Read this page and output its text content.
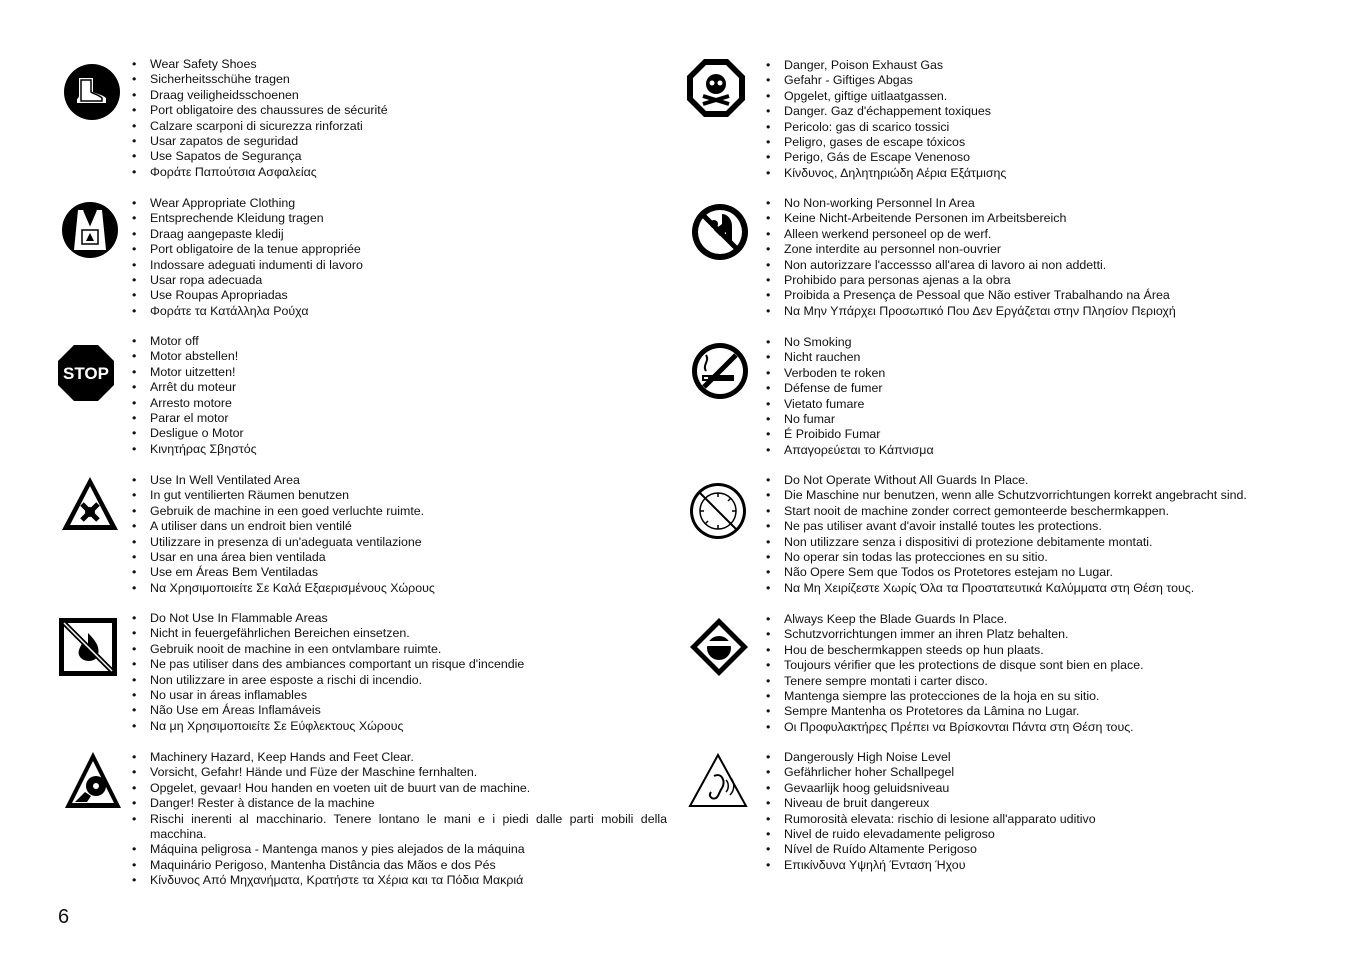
• Wear Safety Shoes
• Sicherheitsschühe tragen
• Draag veiligheidsschoenen
• Port obligatoire des chaussures de sécurité
• Calzare scarponi di sicurezza rinforzati
• Usar zapatos de seguridad
• Use Sapatos de Segurança
• Φοράτε Παπούτσια Ασφαλείας
• Wear Appropriate Clothing
• Entsprechende Kleidung tragen
• Draag aangepaste kledij
• Port obligatoire de la tenue appropriée
• Indossare adeguati indumenti di lavoro
• Usar ropa adecuada
• Use Roupas Apropriadas
• Φοράτε τα Κατάλληλα Ρούχα
STOP
• Motor off
• Motor abstellen!
• Motor uitzetten!
• Arrêt du moteur
• Arresto motore
• Parar el motor
• Desligue o Motor
• Κινητήρας Σβηστός
• Use In Well Ventilated Area
• In gut ventilierten Räumen benutzen
• Gebruik de machine in een goed verluchte ruimte.
• A utiliser dans un endroit bien ventilé
• Utilizzare in presenza di un'adeguata ventilazione
• Usar en una área bien ventilada
• Use em Áreas Bem Ventiladas
• Να Χρησιμοποιείτε Σε Καλά Εξαερισμένους Χώρους
• Do Not Use In Flammable Areas
• Nicht in feuergefährlichen Bereichen einsetzen.
• Gebruik nooit de machine in een ontvlambare ruimte.
• Ne pas utiliser dans des ambiances comportant un risque d'incendie
• Non utilizzare in aree esposte a rischi di incendio.
• No usar in áreas inflamables
• Não Use em Áreas Inflamáveis
• Να μη Χρησιμοποιείτε Σε Εύφλεκτους Χώρους
• Machinery Hazard, Keep Hands and Feet Clear.
• Vorsicht, Gefahr! Hände und Füze der Maschine fernhalten.
• Opgelet, gevaar! Hou handen en voeten uit de buurt van de machine.
• Danger! Rester à distance de la machine
• Rischi inerenti al macchinario. Tenere lontano le mani e i piedi dalle parti mobili della macchina.
• Máquina peligrosa - Mantenga manos y pies alejados de la máquina
• Maquinário Perigoso, Mantenha Distância das Mãos e dos Pés
• Κίνδυνος Από Μηχανήματα, Κρατήστε τα Χέρια και τα Πόδια Μακριά
• Danger, Poison Exhaust Gas
• Gefahr - Giftiges Abgas
• Opgelet, giftige uitlaatgassen.
• Danger. Gaz d'échappement toxiques
• Pericolo: gas di scarico tossici
• Peligro, gases de escape tóxicos
• Perigo, Gás de Escape Venenoso
• Κίνδυνος, Δηλητηριώδη Αέρια Εξάτμισης
• No Non-working Personnel In Area
• Keine Nicht-Arbeitende Personen im Arbeitsbereich
• Alleen werkend personeel op de werf.
• Zone interdite au personnel non-ouvrier
• Non autorizzare l'accessso all'area di lavoro ai non addetti.
• Prohibido para personas ajenas a la obra
• Proibida a Presença de Pessoal que Não estiver Trabalhando na Área
• Να Μην Υπάρχει Προσωπικό Που Δεν Εργάζεται στην Πλησίον Περιοχή
• No Smoking
• Nicht rauchen
• Verboden te roken
• Défense de fumer
• Vietato fumare
• No fumar
• É Proibido Fumar
• Απαγορεύεται το Κάπνισμα
• Do Not Operate Without All Guards In Place.
• Die Maschine nur benutzen, wenn alle Schutzvorrichtungen korrekt angebracht sind.
• Start nooit de machine zonder correct gemonteerde beschermkappen.
• Ne pas utiliser avant d'avoir installé toutes les protections.
• Non utilizzare senza i dispositivi di protezione debitamente montati.
• No operar sin todas las protecciones en su sitio.
• Não Opere Sem que Todos os Protetores estejam no Lugar.
• Να Μη Χειρίζεστε Χωρίς Όλα τα Προστατευτικά Καλύμματα στη Θέση τους.
• Always Keep the Blade Guards In Place.
• Schutzvorrichtungen immer an ihren Platz behalten.
• Hou de beschermkappen steeds op hun plaats.
• Toujours vérifier que les protections de disque sont bien en place.
• Tenere sempre montati i carter disco.
• Mantenga siempre las protecciones de la hoja en su sitio.
• Sempre Mantenha os Protetores da Lâmina no Lugar.
• Οι Προφυλακτήρες Πρέπει να Βρίσκονται Πάντα στη Θέση τους.
• Dangerously High Noise Level
• Gefährlicher hoher Schallpegel
• Gevaarlijk hoog geluidsniveau
• Niveau de bruit dangereux
• Rumorosità elevata: rischio di lesione all'apparato uditivo
• Nivel de ruido elevadamente peligroso
• Nível de Ruído Altamente Perigoso
• Επικίνδυνα Υψηλή Ένταση Ήχου
6
